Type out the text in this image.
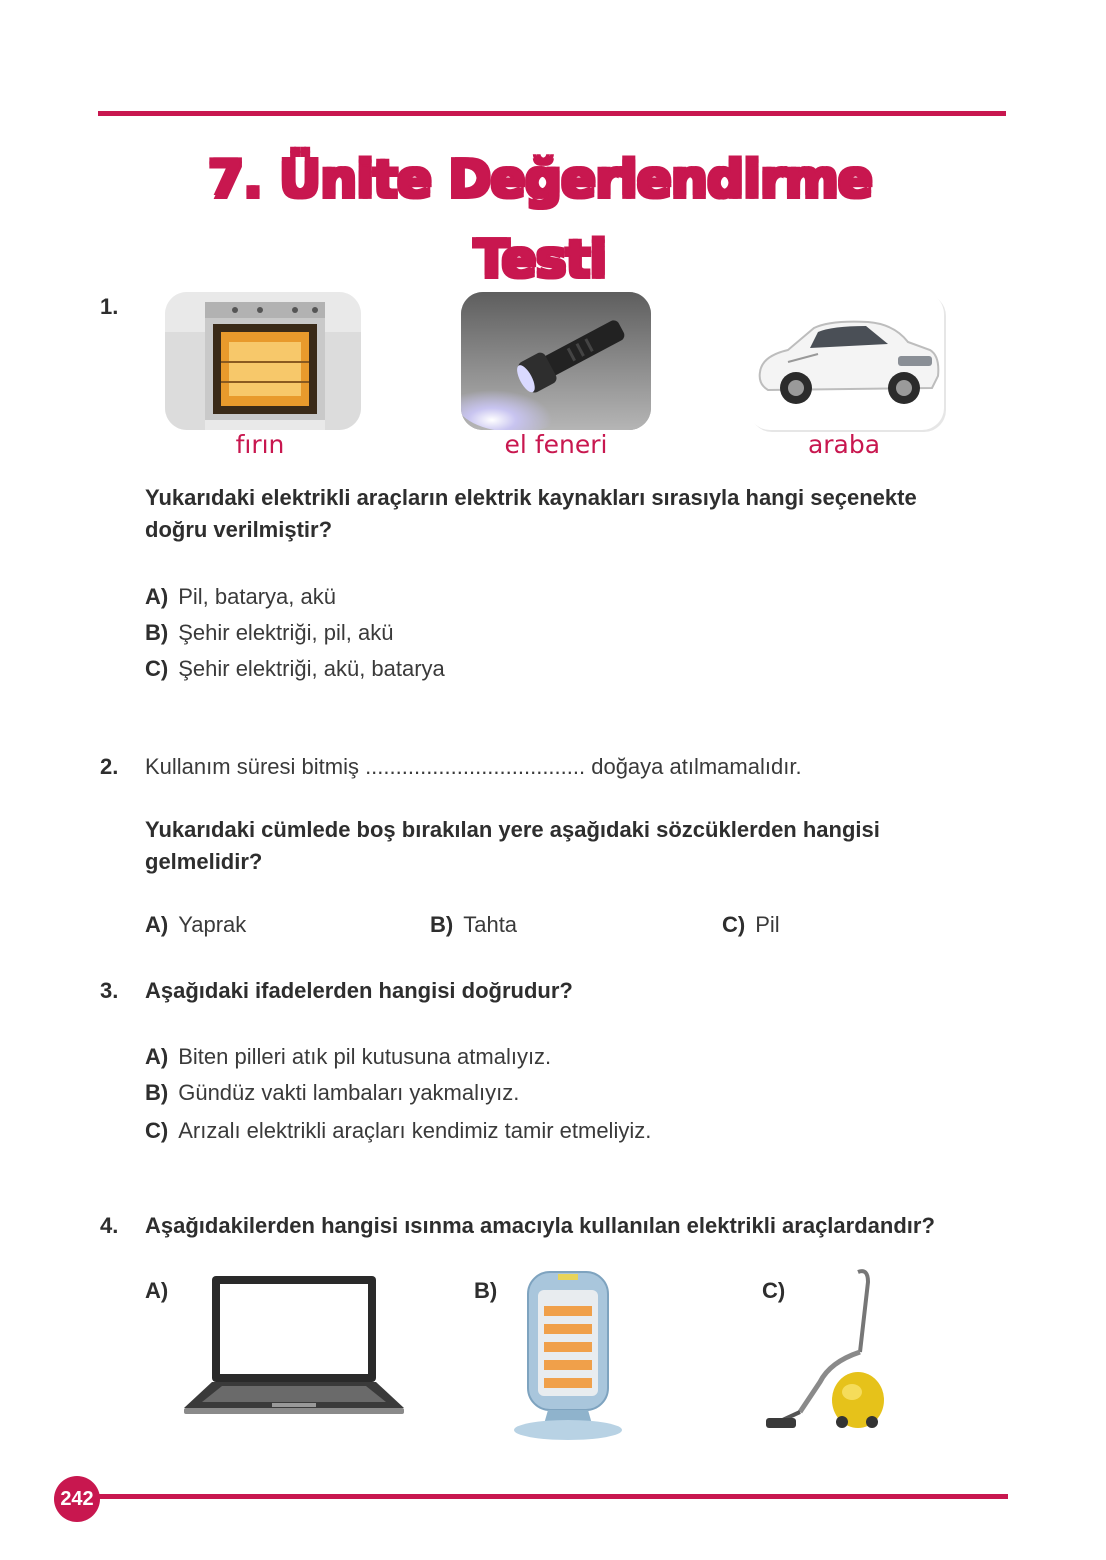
7. Ünite Değerlendirme Testi
1.
fırın	el feneri	araba
Yukarıdaki elektrikli araçların elektrik kaynakları sırasıyla hangi seçenekte
doğru verilmiştir?
A) Pil, batarya, akü
B) Şehir elektriği, pil, akü
C) Şehir elektriği, akü, batarya
2. Kullanım süresi bitmiş .................................... doğaya atılmamalıdır.
Yukarıdaki cümlede boş bırakılan yere aşağıdaki sözcüklerden hangisi
gelmelidir?
A) Yaprak	B) Tahta	C) Pil
3. Aşağıdaki ifadelerden hangisi doğrudur?
A) Biten pilleri atık pil kutusuna atmalıyız.
B) Gündüz vakti lambaları yakmalıyız.
C) Arızalı elektrikli araçları kendimiz tamir etmeliyiz.
4. Aşağıdakilerden hangisi ısınma amacıyla kullanılan elektrikli araçlardandır?
A)	B)	C)
242
